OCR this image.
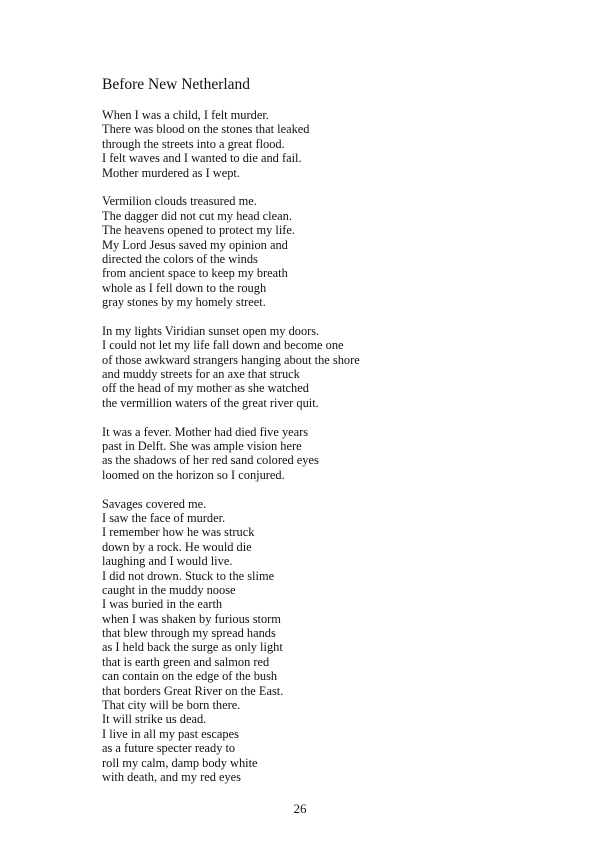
Before New Netherland
When I was a child, I felt murder.
There was blood on the stones that leaked
through the streets into a great flood.
I felt waves and I wanted to die and fail.
Mother murdered as I wept.
Vermilion clouds treasured me.
The dagger did not cut my head clean.
The heavens opened to protect my life.
My Lord Jesus saved my opinion and
directed the colors of the winds
from ancient space to keep my breath
whole as I fell down to the rough
gray stones by my homely street.
In my lights Viridian sunset open my doors.
I could not let my life fall down and become one
of those awkward strangers hanging about the shore
and muddy streets for an axe that struck
off the head of my mother as she watched
the vermillion waters of the great river quit.
It was a fever. Mother had died five years
past in Delft. She was ample vision here
as the shadows of her red sand colored eyes
loomed on the horizon so I conjured.
Savages covered me.
I saw the face of murder.
I remember how he was struck
down by a rock. He would die
laughing and I would live.
I did not drown. Stuck to the slime
caught in the muddy noose
I was buried in the earth
when I was shaken by furious storm
that blew through my spread hands
as I held back the surge as only light
that is earth green and salmon red
can contain on the edge of the bush
that borders Great River on the East.
That city will be born there.
It will strike us dead.
I live in all my past escapes
as a future specter ready to
roll my calm, damp body white
with death, and my red eyes
26
